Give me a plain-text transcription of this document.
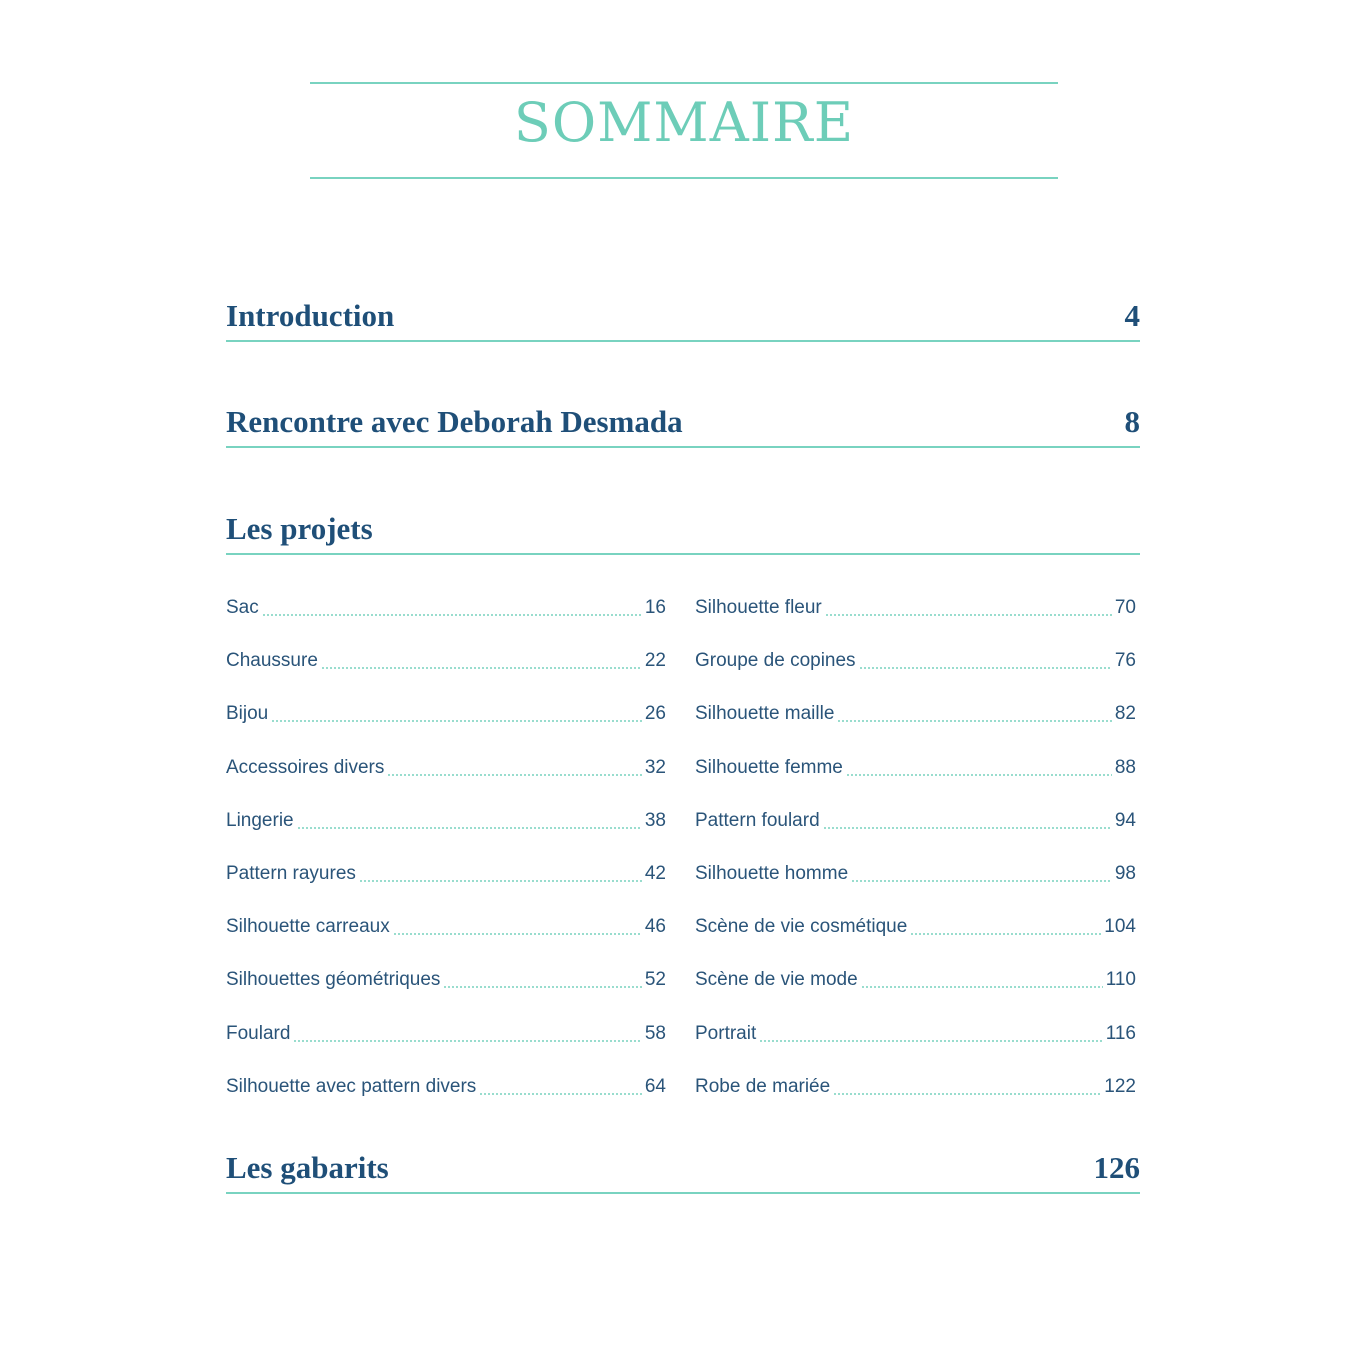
SOMMAIRE
Introduction	4
Rencontre avec Deborah Desmada	8
Les projets
Sac	16
Chaussure	22
Bijou	26
Accessoires divers	32
Lingerie	38
Pattern rayures	42
Silhouette carreaux	46
Silhouettes géométriques	52
Foulard	58
Silhouette avec pattern divers	64
Silhouette fleur	70
Groupe de copines	76
Silhouette maille	82
Silhouette femme	88
Pattern foulard	94
Silhouette homme	98
Scène de vie cosmétique	104
Scène de vie mode	110
Portrait	116
Robe de mariée	122
Les gabarits	126
